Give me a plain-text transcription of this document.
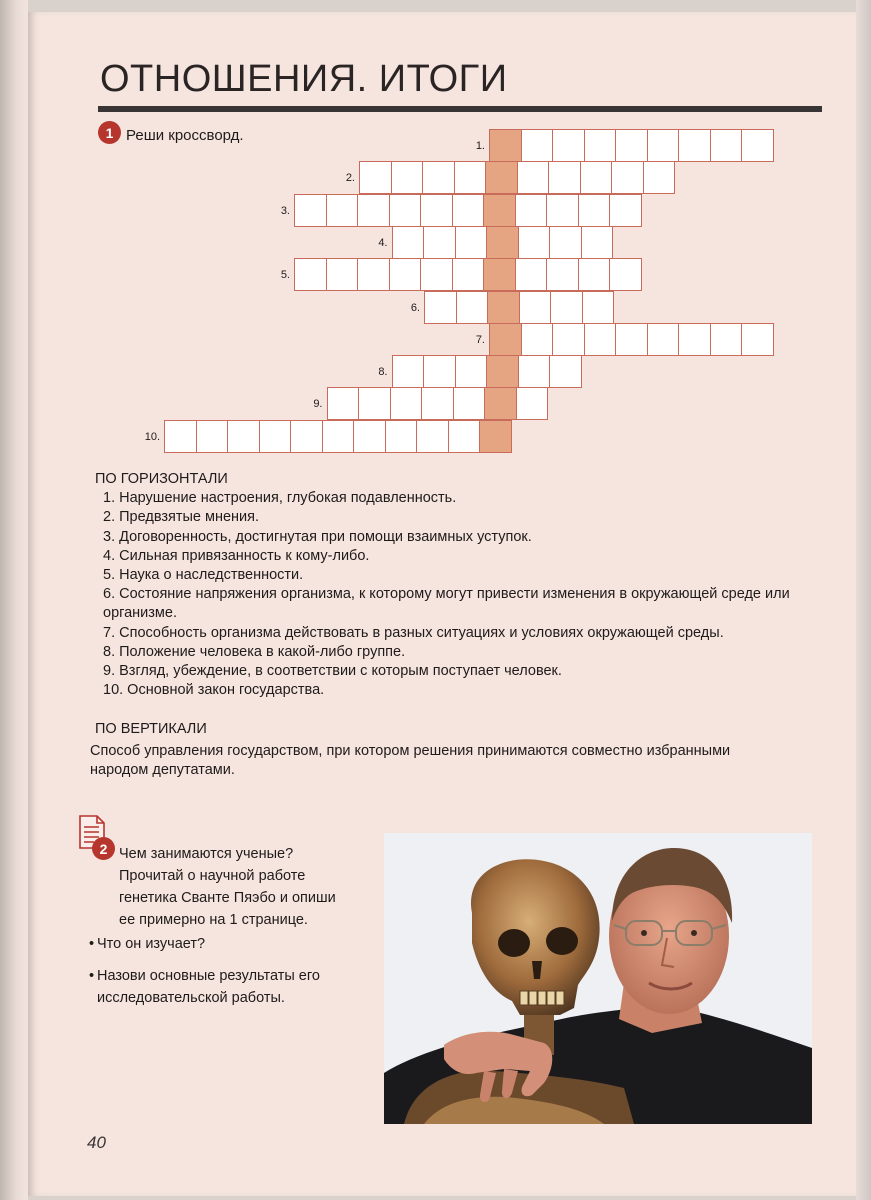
ОТНОШЕНИЯ. ИТОГИ
1 Реши кроссворд.
1.
2.
3.
4.
5.
6.
7.
8.
9.
10.
ПО ГОРИЗОНТАЛИ
1. Нарушение настроения, глубокая подавленность.
2. Предвзятые мнения.
3. Договоренность, достигнутая при помощи взаимных уступок.
4. Сильная привязанность к кому-либо.
5. Наука о наследственности.
6. Состояние напряжения организма, к которому могут привести изменения в окружающей среде или
организме.
7. Способность организма действовать в разных ситуациях и условиях окружающей среды.
8. Положение человека в какой-либо группе.
9. Взгляд, убеждение, в соответствии с которым поступает человек.
10. Основной закон государства.
ПО ВЕРТИКАЛИ
Способ управления государством, при котором решения принимаются совместно избранными
народом депутатами.
2 Чем занимаются ученые?
Прочитай о научной работе
генетика Сванте Пяэбо и опиши
ее примерно на 1 странице.
• Что он изучает?
• Назови основные результаты его
исследовательской работы.
40
